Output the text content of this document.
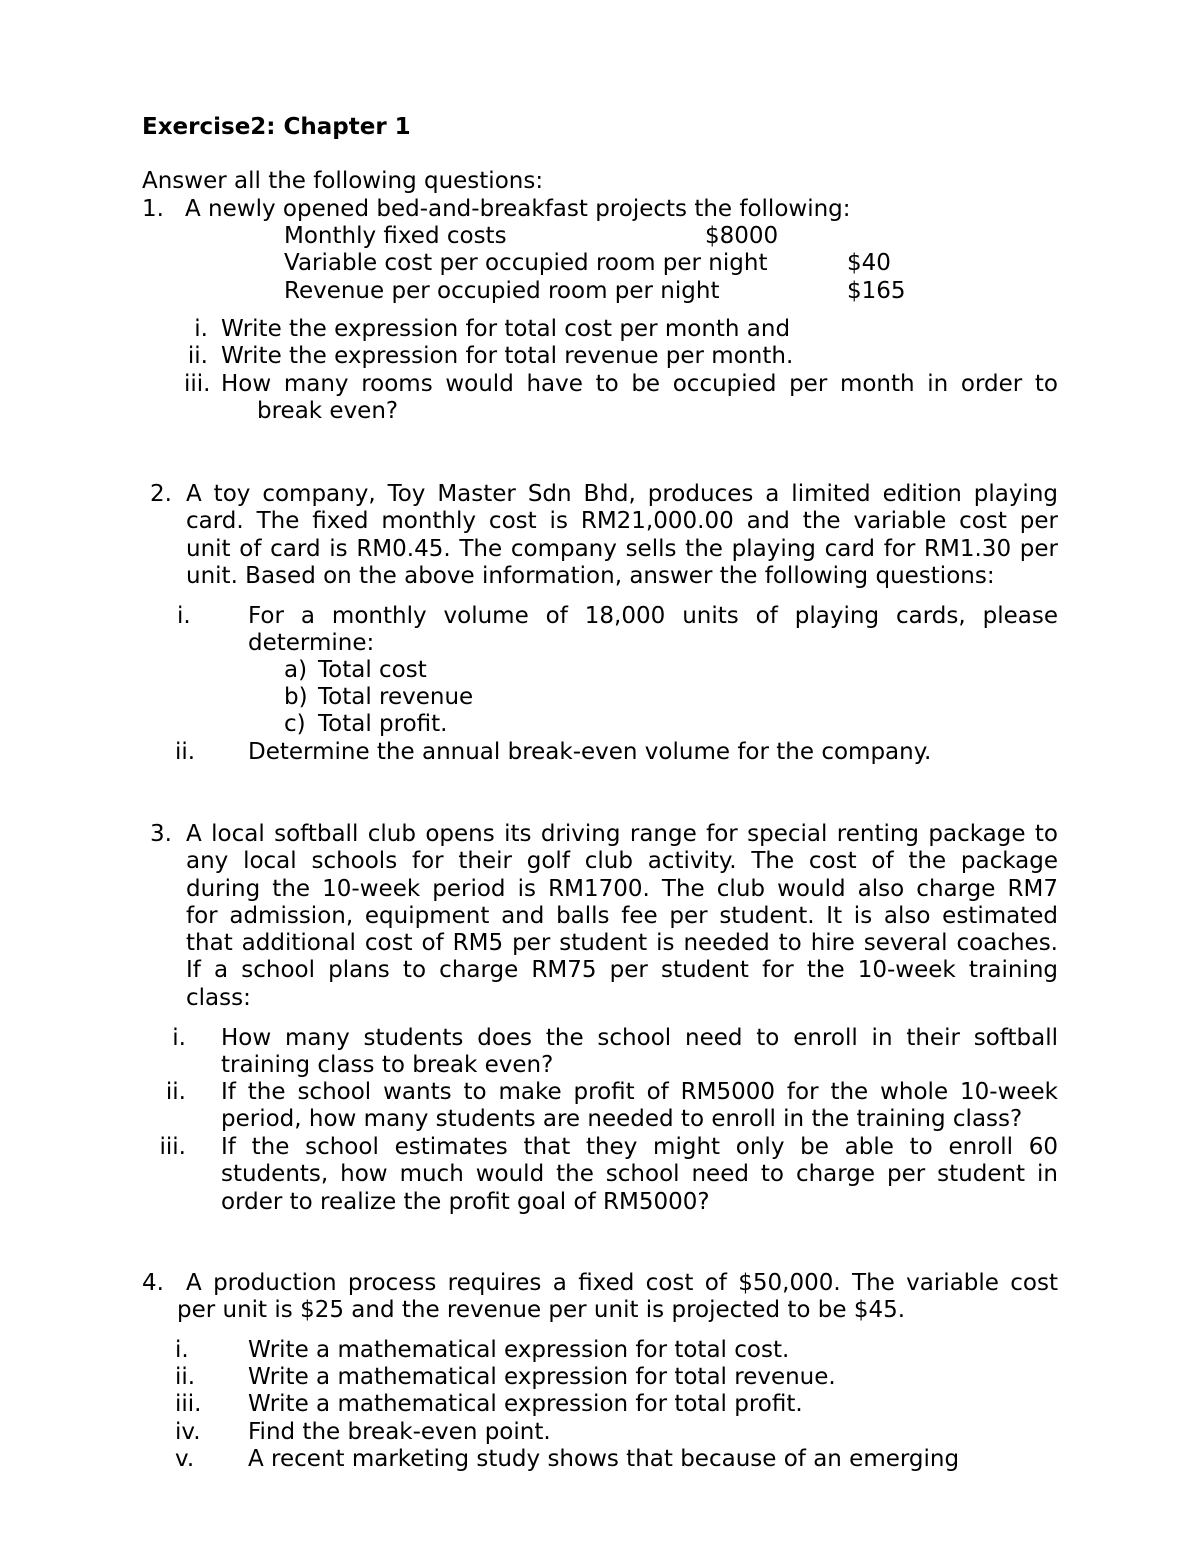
Exercise2: Chapter 1
Answer all the following questions:
1. A newly opened bed-and-breakfast projects the following:
Monthly fixed costs	$8000
Variable cost per occupied room per night	$40
Revenue per occupied room per night	$165
i. Write the expression for total cost per month and
ii. Write the expression for total revenue per month.
iii. How many rooms would have to be occupied per month in order to
break even?
2. A toy company, Toy Master Sdn Bhd, produces a limited edition playing
card. The fixed monthly cost is RM21,000.00 and the variable cost per
unit of card is RM0.45. The company sells the playing card for RM1.30 per
unit. Based on the above information, answer the following questions:
i. For a monthly volume of 18,000 units of playing cards, please
determine:
a) Total cost
b) Total revenue
c) Total profit.
ii. Determine the annual break-even volume for the company.
3. A local softball club opens its driving range for special renting package to
any local schools for their golf club activity. The cost of the package
during the 10-week period is RM1700. The club would also charge RM7
for admission, equipment and balls fee per student. It is also estimated
that additional cost of RM5 per student is needed to hire several coaches.
If a school plans to charge RM75 per student for the 10-week training
class:
i. How many students does the school need to enroll in their softball
training class to break even?
ii. If the school wants to make profit of RM5000 for the whole 10-week
period, how many students are needed to enroll in the training class?
iii. If the school estimates that they might only be able to enroll 60
students, how much would the school need to charge per student in
order to realize the profit goal of RM5000?
4. A production process requires a fixed cost of $50,000. The variable cost
per unit is $25 and the revenue per unit is projected to be $45.
i.	Write a mathematical expression for total cost.
ii. Write a mathematical expression for total revenue.
iii. Write a mathematical expression for total profit.
iv. Find the break-even point.
v. A recent marketing study shows that because of an emerging
